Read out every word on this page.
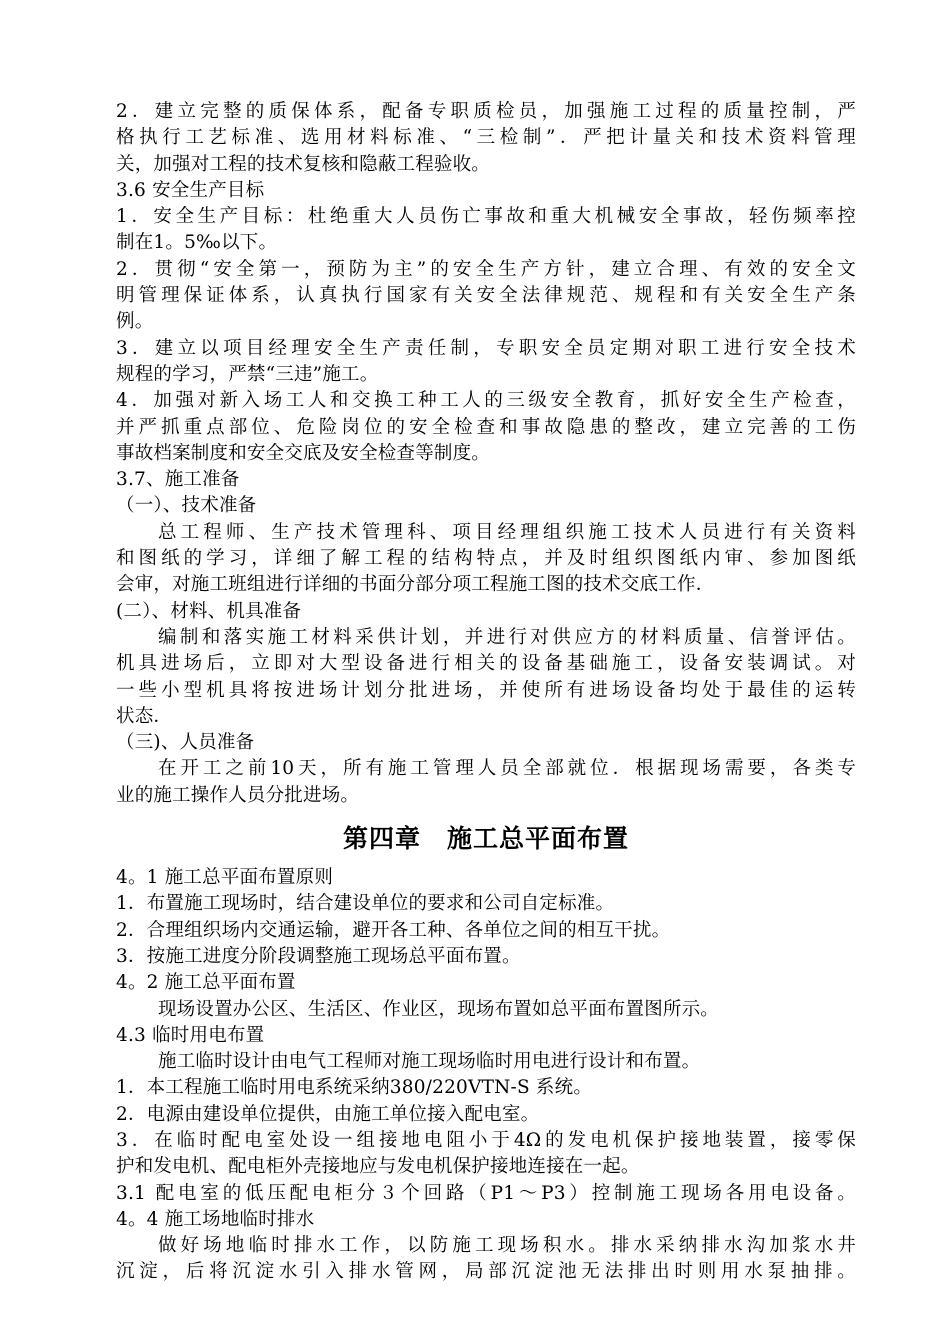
2．建立完整的质保体系，配备专职质检员，加强施工过程的质量控制，严
格执行工艺标准、选用材料标准、“三检制”．严把计量关和技术资料管理
关，加强对工程的技术复核和隐蔽工程验收。
3.6 安全生产目标
1．安全生产目标：杜绝重大人员伤亡事故和重大机械安全事故，轻伤频率控
制在1。5‰以下。
2．贯彻“安全第一，预防为主”的安全生产方针，建立合理、有效的安全文
明管理保证体系，认真执行国家有关安全法律规范、规程和有关安全生产条
例。
3．建立以项目经理安全生产责任制，专职安全员定期对职工进行安全技术
规程的学习，严禁“三违”施工。
4．加强对新入场工人和交换工种工人的三级安全教育，抓好安全生产检查，
并严抓重点部位、危险岗位的安全检查和事故隐患的整改，建立完善的工伤
事故档案制度和安全交底及安全检查等制度。
3.7、施工准备
（一）、技术准备
总工程师、生产技术管理科、项目经理组织施工技术人员进行有关资料
和图纸的学习，详细了解工程的结构特点，并及时组织图纸内审、参加图纸
会审，对施工班组进行详细的书面分部分项工程施工图的技术交底工作．
(二）、材料、机具准备
编制和落实施工材料采供计划，并进行对供应方的材料质量、信誉评估。
机具进场后，立即对大型设备进行相关的设备基础施工，设备安装调试。对
一些小型机具将按进场计划分批进场，并使所有进场设备均处于最佳的运转
状态．
（三)、人员准备
在开工之前10天，所有施工管理人员全部就位．根据现场需要，各类专
业的施工操作人员分批进场。
第四章　施工总平面布置
4。1 施工总平面布置原则
1．布置施工现场时，结合建设单位的要求和公司自定标准。
2．合理组织场内交通运输，避开各工种、各单位之间的相互干扰。
3．按施工进度分阶段调整施工现场总平面布置。
4。2 施工总平面布置
现场设置办公区、生活区、作业区，现场布置如总平面布置图所示。
4.3 临时用电布置
施工临时设计由电气工程师对施工现场临时用电进行设计和布置。
1．本工程施工临时用电系统采纳380/220VTN-S 系统。
2．电源由建设单位提供，由施工单位接入配电室。
3．在临时配电室处设一组接地电阻小于4Ω的发电机保护接地装置，接零保
护和发电机、配电柜外壳接地应与发电机保护接地连接在一起。
3.1 配电室的低压配电柜分３个回路（P1～P3）控制施工现场各用电设备。
4。4 施工场地临时排水
做好场地临时排水工作，以防施工现场积水。排水采纳排水沟加浆水井
沉淀，后将沉淀水引入排水管网，局部沉淀池无法排出时则用水泵抽排。
